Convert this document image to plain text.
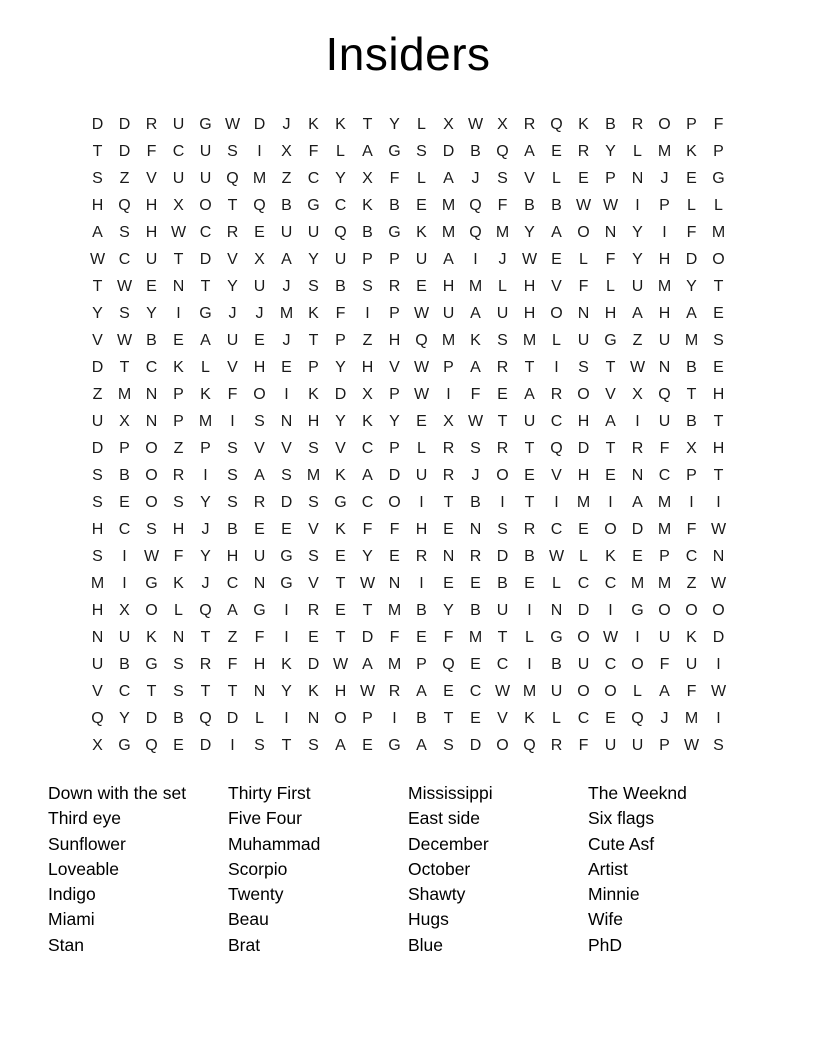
Insiders
D D R U G W D	J	K	K	T	Y	L	X W X R Q K	B R O P	F
T	D	F	C U S	I	X	F	L	A G S D B Q A	E R Y	L M K	P
S	Z	V U U Q M Z	C Y	X	F	L	A	J	S	V	L	E	P N	J	E G
H Q H X O T Q B G C K	B	E M Q F	B	B W W	I	P	L	L
A	S H W C R E U U Q B G K M Q M Y	A O N Y	I	F M
W C U	T	D V	X	A	Y U P	P U A	I	J W E	L	F	Y H D O
T W E N	T	Y U	J	S	B	S R E H M L	H V	F	L	U M Y	T
Y	S	Y	I	G	J	J	M K	F	I	P W U A U H O N H A H A	E
V W B	E	A U E	J	T	P	Z	H Q M K	S M L	U G Z	U M S
D	T	C K	L	V H E	P	Y H V W P	A R	T	I	S	T W N B	E
Z M N P	K	F O	I	K D X	P W	I	F	E	A R O V	X Q T	H
U X N P M	I	S N H Y	K	Y	E	X W T	U C H A	I	U B	T
D P O Z	P	S	V	V	S	V C P	L	R S R	T Q D	T	R	F	X H
S	B O R	I	S	A	S M K	A D U R	J	O E	V H E N C P	T
S	E O S	Y	S R D S G C O	I	T	B	I	T	I	M	I	A M	I	I
H C S H	J	B	E	E	V	K	F	F	H E N S R C E O D M F W
S	I	W F	Y H U G S	E	Y	E R N R D B W L	K	E	P C N
M	I	G K	J	C N G V	T W N	I	E	E	B	E	L	C C M M Z W
H X O	L	Q A G	I	R E	T M B	Y	B U	I	N D	I	G O O O
N U K N	T	Z	F	I	E	T	D	F	E	F M T	L	G O W	I	U K D
U B G S R	F	H K D W A M P Q E C	I	B U C O F	U	I
V C	T	S	T	T	N Y	K H W R A	E C W M U O O	L	A	F W
Q Y D B Q D	L	I	N O P	I	B	T	E	V	K	L	C E Q	J	M	I
X G Q E D	I	S	T	S	A	E G A	S D O Q R	F	U U P W S
Down with the set
Third eye
Sunflower
Loveable
Indigo
Miami
Stan
Thirty First
Five Four
Muhammad
Scorpio
Twenty
Beau
Brat
Mississippi
East side
December
October
Shawty
Hugs
Blue
The Weeknd
Six flags
Cute Asf
Artist
Minnie
Wife
PhD
